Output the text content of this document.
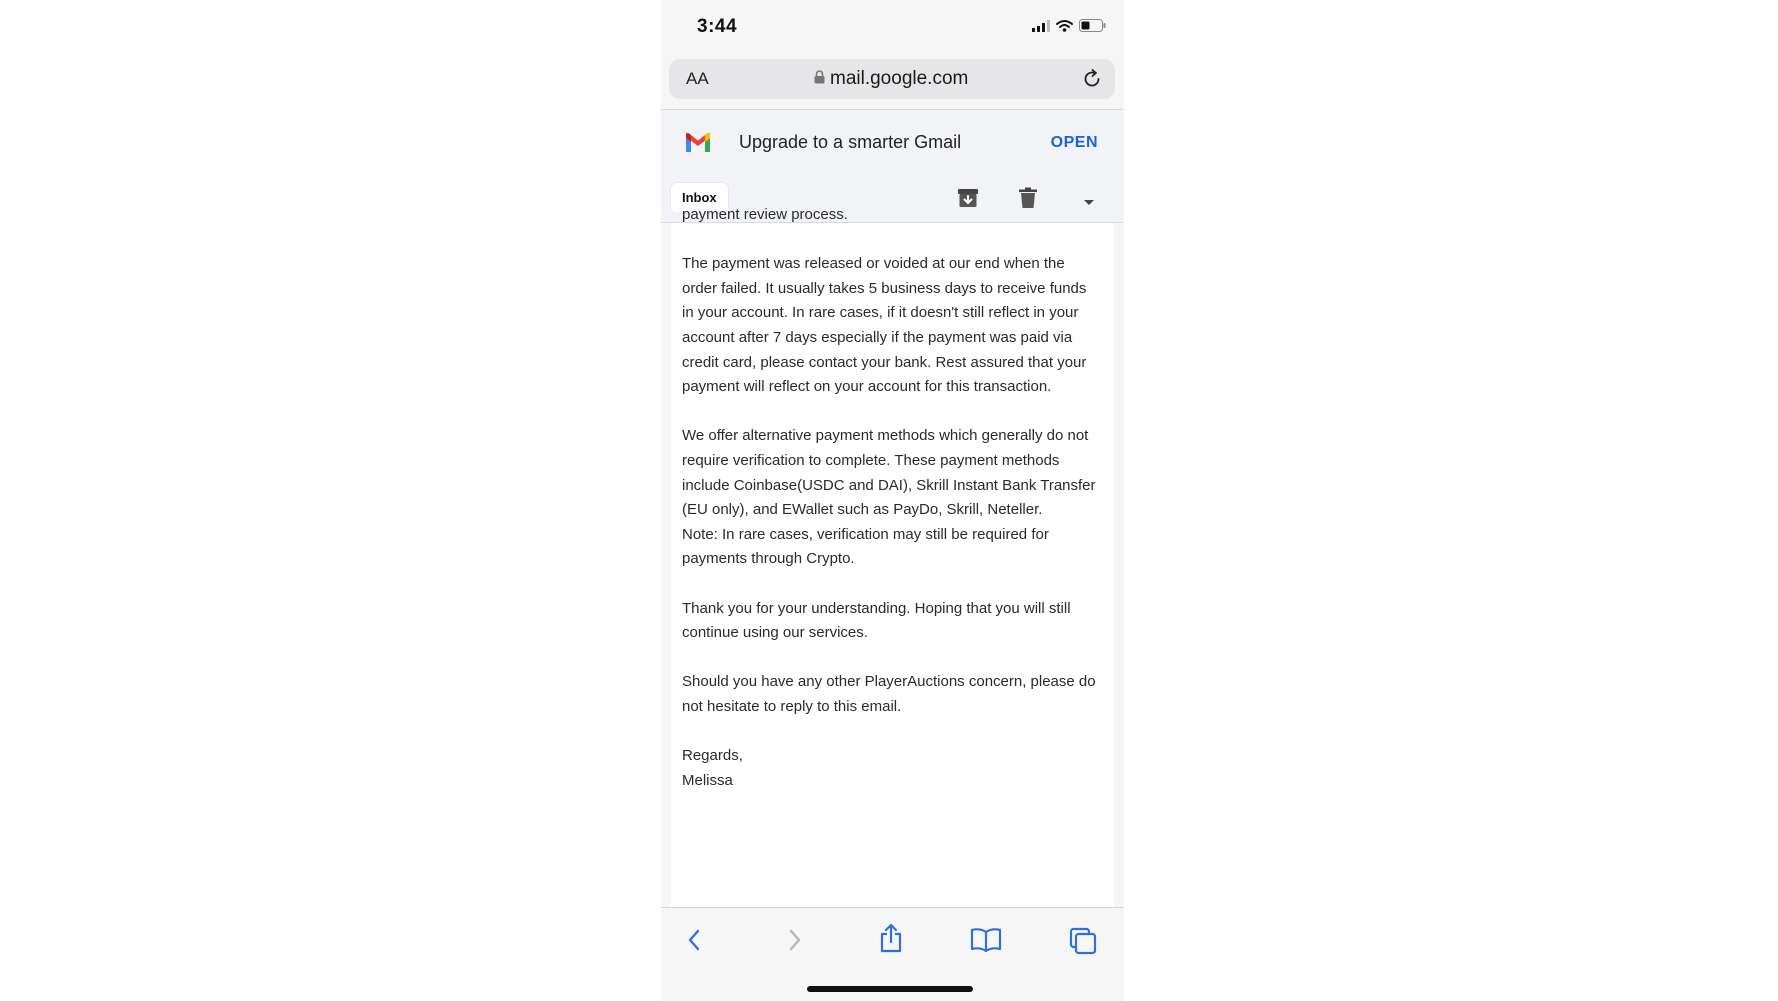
3:44
AA	mail.google.com
Upgrade to a smarter Gmail	OPEN
Inbox

payment review process.

The payment was released or voided at our end when the order failed. It usually takes 5 business days to receive funds in your account. In rare cases, if it doesn't still reflect in your account after 7 days especially if the payment was paid via credit card, please contact your bank. Rest assured that your payment will reflect on your account for this transaction.

We offer alternative payment methods which generally do not require verification to complete. These payment methods include Coinbase(USDC and DAI), Skrill Instant Bank Transfer (EU only), and EWallet such as PayDo, Skrill, Neteller.

Note: In rare cases, verification may still be required for payments through Crypto.

Thank you for your understanding. Hoping that you will still continue using our services.

Should you have any other PlayerAuctions concern, please do not hesitate to reply to this email.

Regards,

Melissa
